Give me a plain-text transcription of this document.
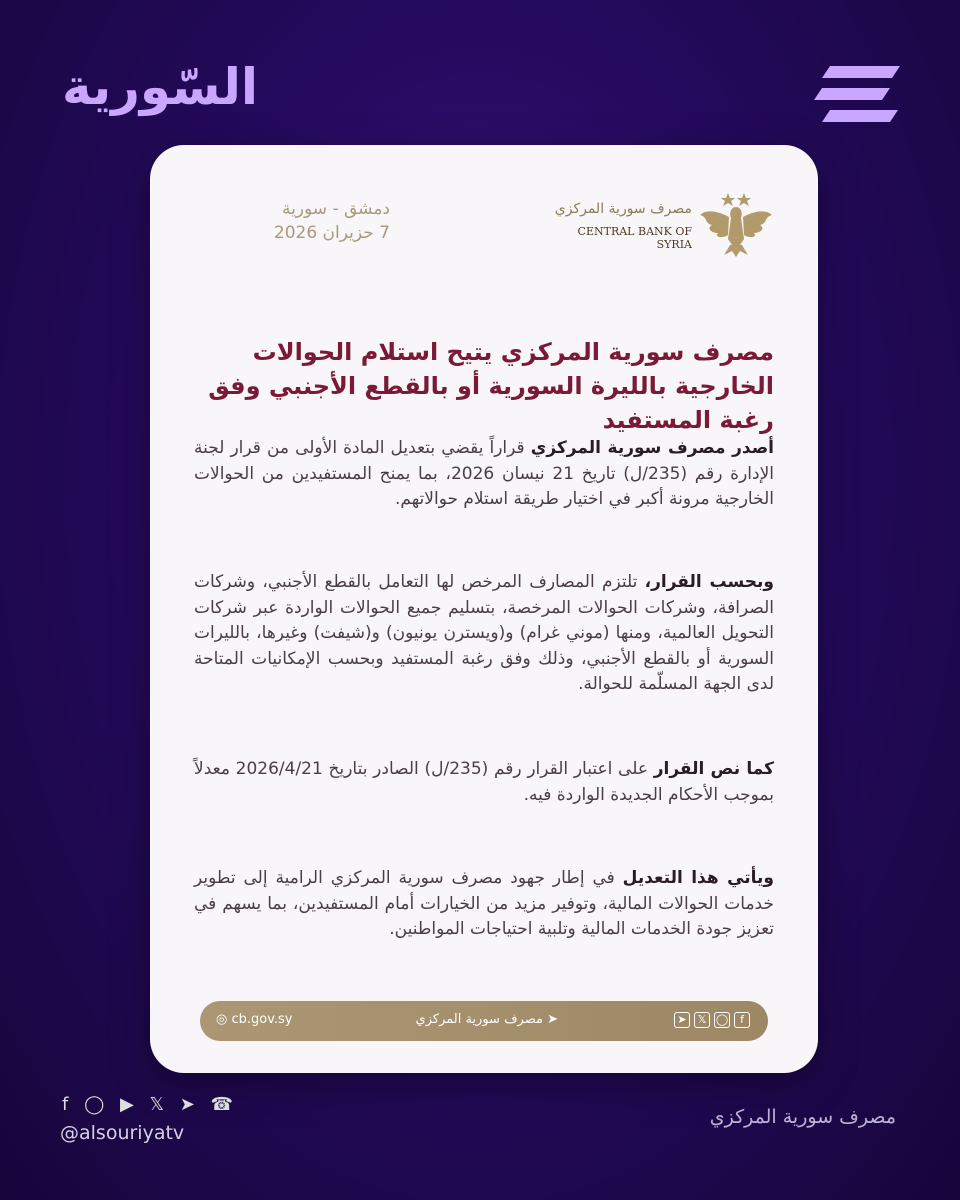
السّورية
دمشق - سورية
7 حزيران 2026
مصرف سورية المركزي
CENTRAL BANK OF SYRIA
مصرف سورية المركزي يتيح استلام الحوالات الخارجية بالليرة السورية أو بالقطع الأجنبي وفق رغبة المستفيد

أصدر مصرف سورية المركزي قراراً يقضي بتعديل المادة الأولى من قرار لجنة الإدارة رقم (235/ل) تاريخ 21 نيسان 2026، بما يمنح المستفيدين من الحوالات الخارجية مرونة أكبر في اختيار طريقة استلام حوالاتهم.

وبحسب القرار، تلتزم المصارف المرخص لها التعامل بالقطع الأجنبي، وشركات الصرافة، وشركات الحوالات المرخصة، بتسليم جميع الحوالات الواردة عبر شركات التحويل العالمية، ومنها (موني غرام) و(ويسترن يونيون) و(شيفت) وغيرها، بالليرات السورية أو بالقطع الأجنبي، وذلك وفق رغبة المستفيد وبحسب الإمكانيات المتاحة لدى الجهة المسلّمة للحوالة.

كما نص القرار على اعتبار القرار رقم (235/ل) الصادر بتاريخ 2026/4/21 معدلاً بموجب الأحكام الجديدة الواردة فيه.

ويأتي هذا التعديل في إطار جهود مصرف سورية المركزي الرامية إلى تطوير خدمات الحوالات المالية، وتوفير مزيد من الخيارات أمام المستفيدين، بما يسهم في تعزيز جودة الخدمات المالية وتلبية احتياجات المواطنين.

◎ cb.gov.sy	➤ مصرف سورية المركزي	➤ 𝕏 ◯ f
f ◯ ▶ 𝕏 ➤ ☎
@alsouriyatv
مصرف سورية المركزي
